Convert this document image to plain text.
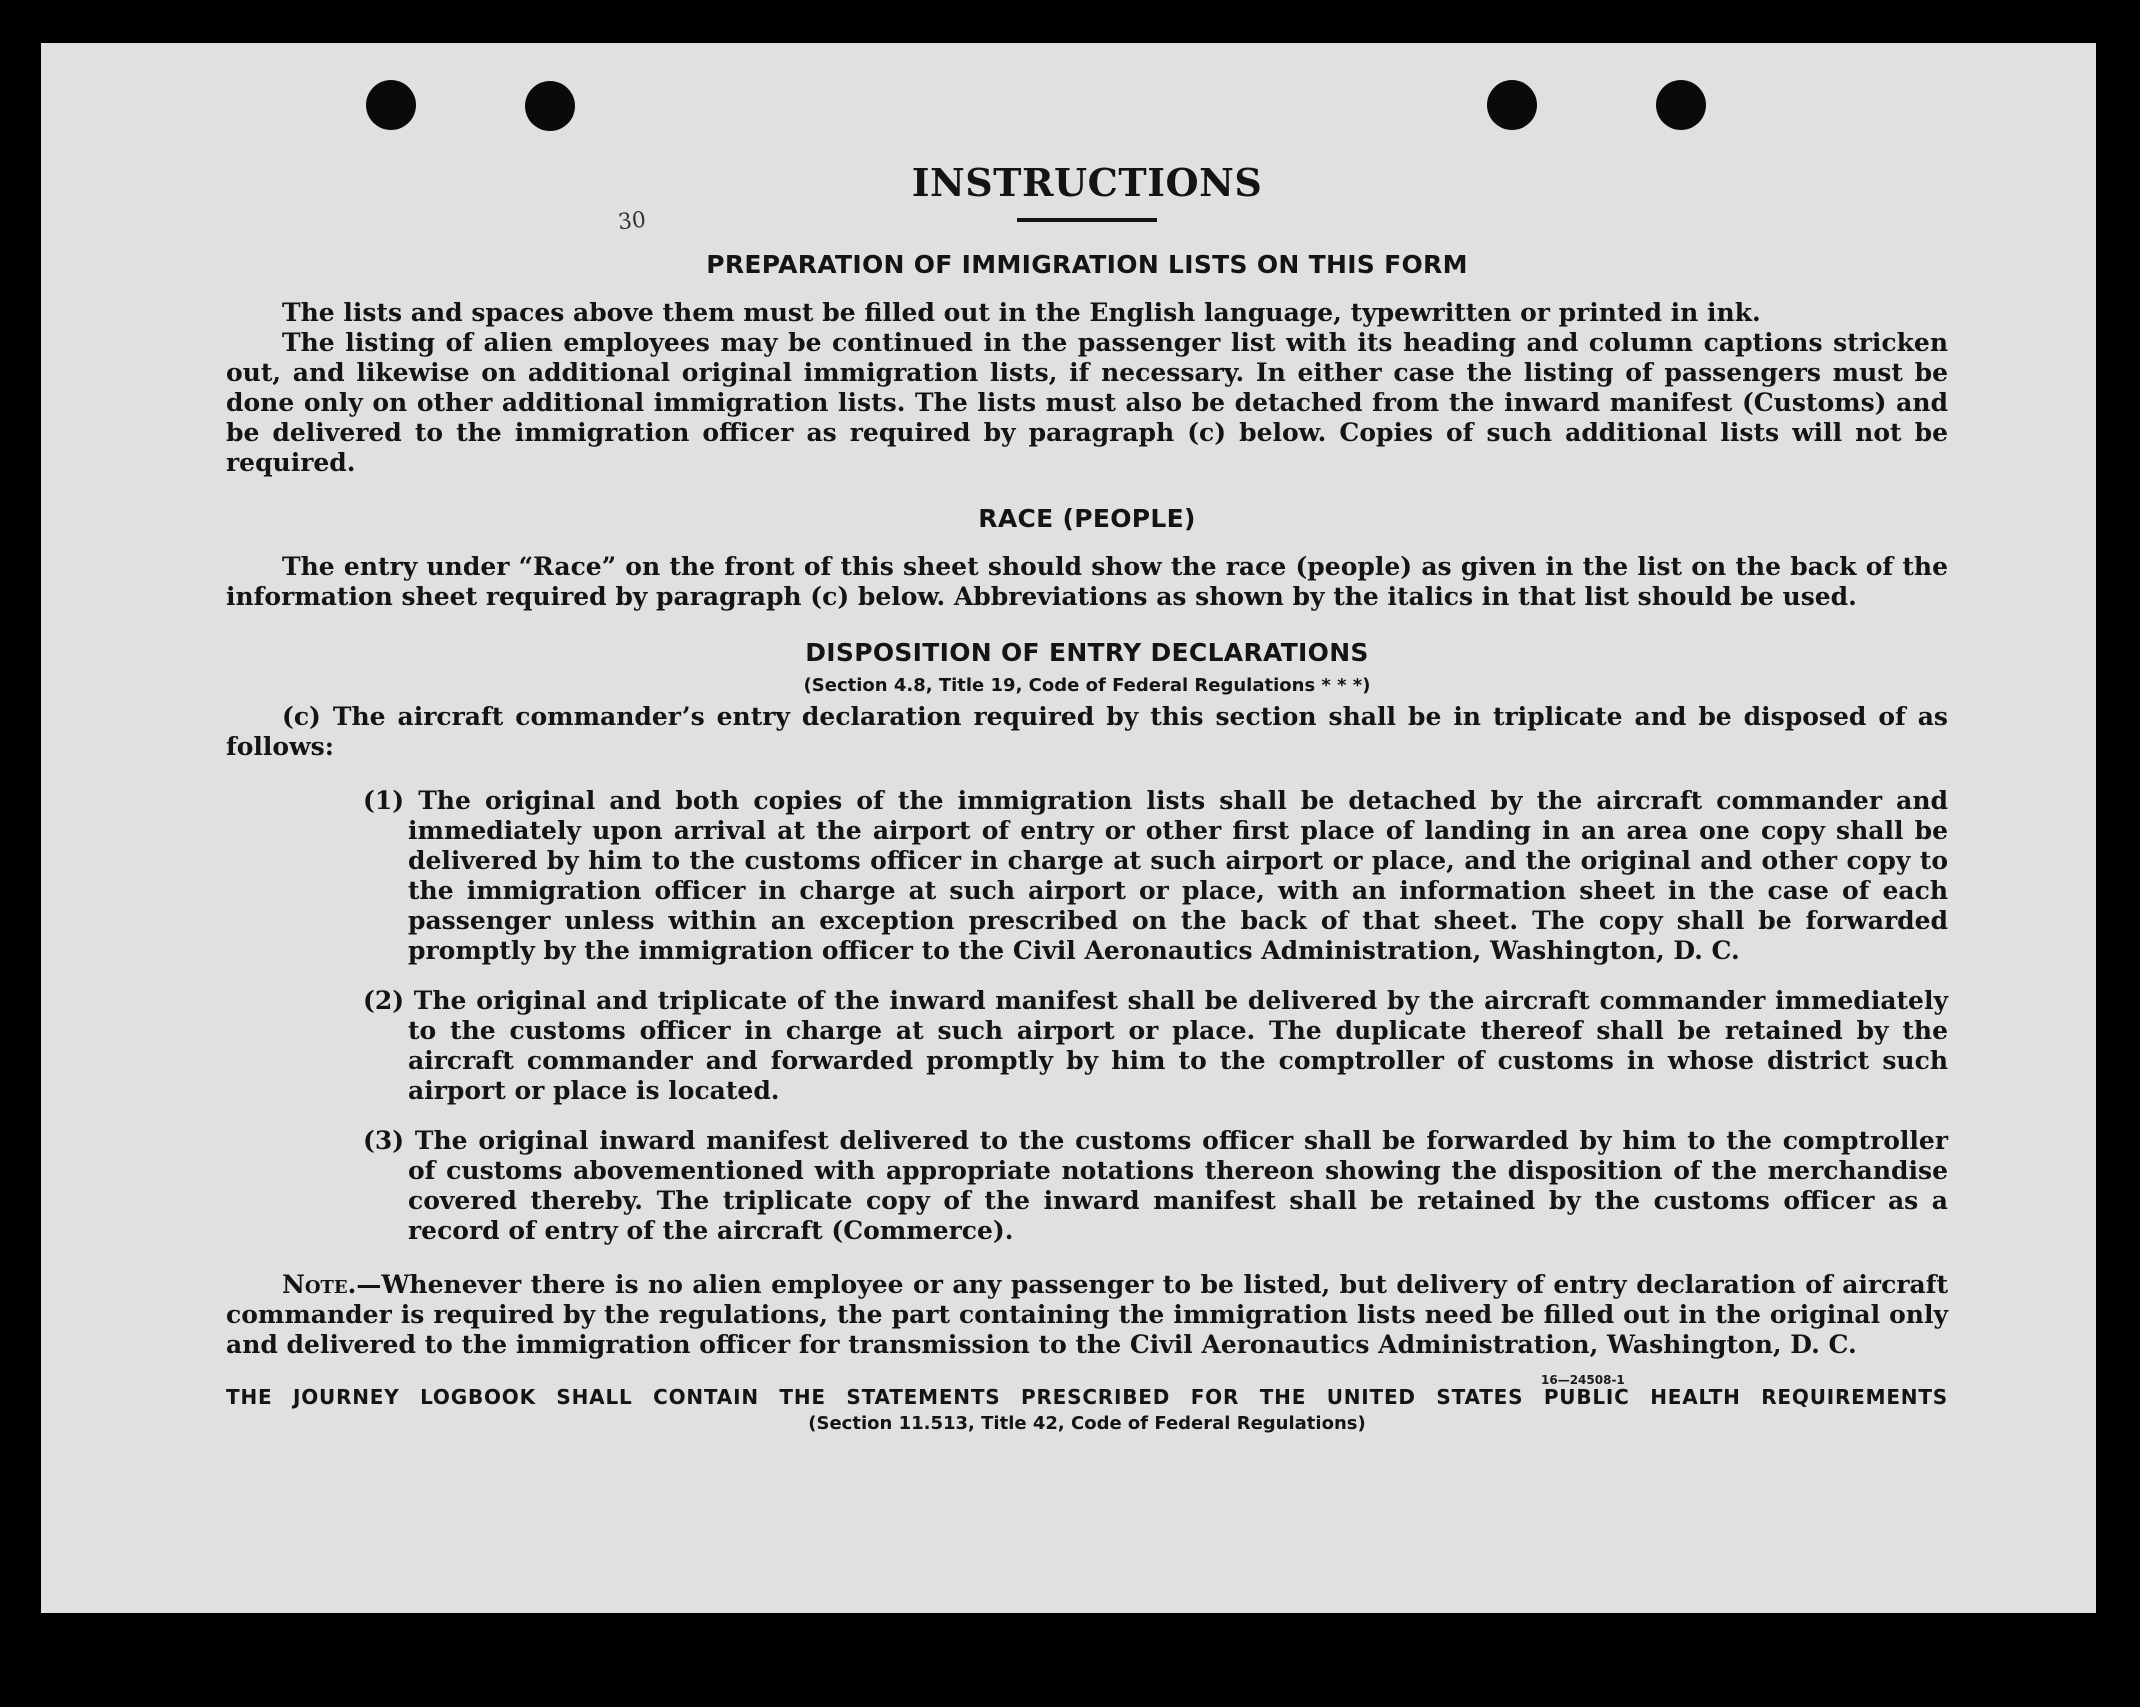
30
INSTRUCTIONS
PREPARATION OF IMMIGRATION LISTS ON THIS FORM

The lists and spaces above them must be filled out in the English language, typewritten or printed in ink.

The listing of alien employees may be continued in the passenger list with its heading and column captions stricken out, and likewise on additional original immigration lists, if necessary. In either case the listing of passengers must be done only on other additional immigration lists. The lists must also be detached from the inward manifest (Customs) and be delivered to the immigration officer as required by paragraph (c) below. Copies of such additional lists will not be required.

RACE (PEOPLE)

The entry under “Race” on the front of this sheet should show the race (people) as given in the list on the back of the information sheet required by paragraph (c) below. Abbreviations as shown by the italics in that list should be used.

DISPOSITION OF ENTRY DECLARATIONS
(Section 4.8, Title 19, Code of Federal Regulations * * *)

(c) The aircraft commander’s entry declaration required by this section shall be in triplicate and be disposed of as follows:

(1) The original and both copies of the immigration lists shall be detached by the aircraft commander and immediately upon arrival at the airport of entry or other first place of landing in an area one copy shall be delivered by him to the customs officer in charge at such airport or place, and the original and other copy to the immigration officer in charge at such airport or place, with an information sheet in the case of each passenger unless within an exception prescribed on the back of that sheet. The copy shall be forwarded promptly by the immigration officer to the Civil Aeronautics Administration, Washington, D. C.

(2) The original and triplicate of the inward manifest shall be delivered by the aircraft commander immediately to the customs officer in charge at such airport or place. The duplicate thereof shall be retained by the aircraft commander and forwarded promptly by him to the comptroller of customs in whose district such airport or place is located.

(3) The original inward manifest delivered to the customs officer shall be forwarded by him to the comptroller of customs abovementioned with appropriate notations thereon showing the disposition of the merchandise covered thereby. The triplicate copy of the inward manifest shall be retained by the customs officer as a record of entry of the aircraft (Commerce).

Note.—Whenever there is no alien employee or any passenger to be listed, but delivery of entry declaration of aircraft commander is required by the regulations, the part containing the immigration lists need be filled out in the original only and delivered to the immigration officer for transmission to the Civil Aeronautics Administration, Washington, D. C.

THE JOURNEY LOGBOOK SHALL CONTAIN THE STATEMENTS PRESCRIBED FOR THE UNITED STATES PUBLIC HEALTH REQUIREMENTS
(Section 11.513, Title 42, Code of Federal Regulations)
16—24508-1
